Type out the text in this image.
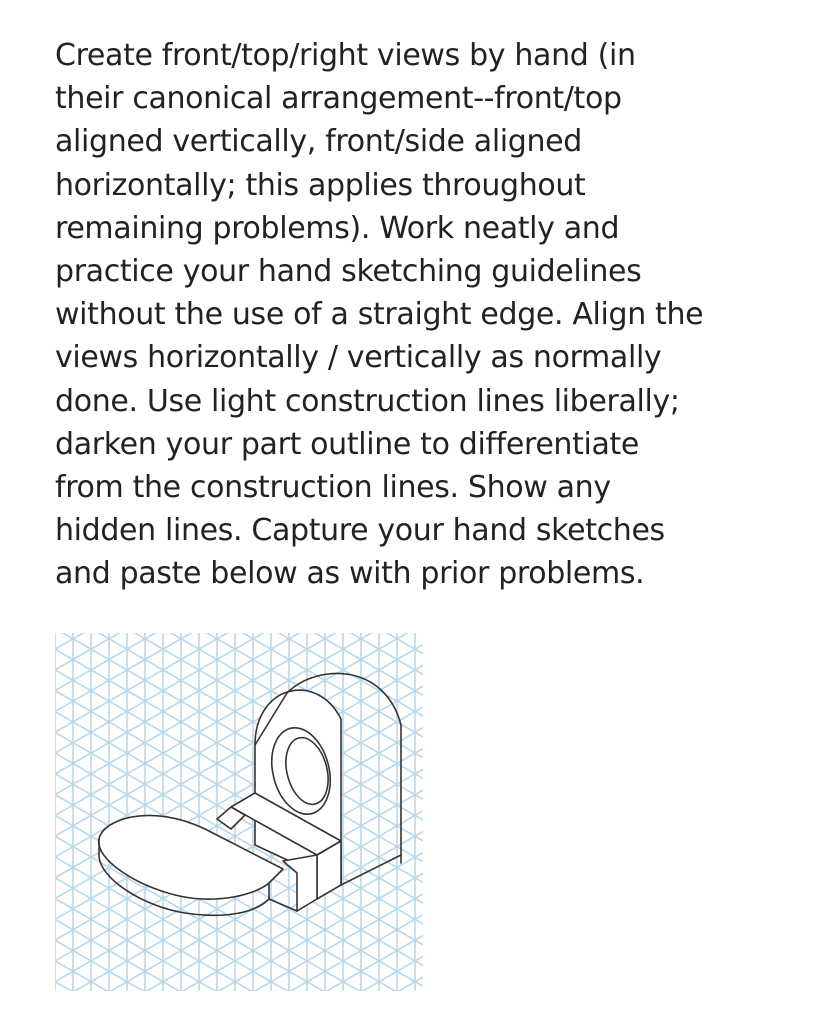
Create front/top/right views by hand (in
their canonical arrangement--front/top
aligned vertically, front/side aligned
horizontally; this applies throughout
remaining problems). Work neatly and
practice your hand sketching guidelines
without the use of a straight edge. Align the
views horizontally / vertically as normally
done. Use light construction lines liberally;
darken your part outline to differentiate
from the construction lines. Show any
hidden lines. Capture your hand sketches
and paste below as with prior problems.
